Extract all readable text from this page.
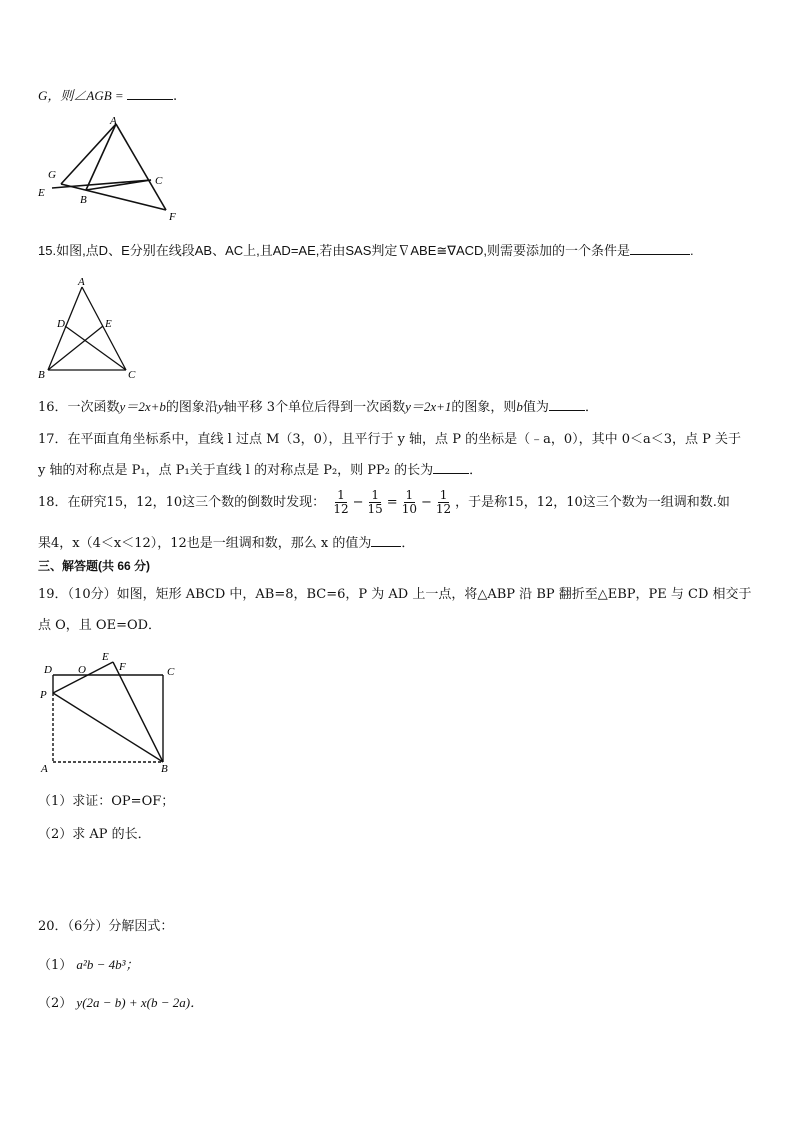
G，则∠AGB =	.
A
G
E
B
C
F
15.如图,点D、E分别在线段AB、AC上,且AD=AE,若由SAS判定∇ABE≅∇ACD,则需要添加的一个条件是	.
A
D	E
B	C
16．一次函数y＝2x+b的图象沿y轴平移 3个单位后得到一次函数y＝2x+1的图象，则b值为	．
17．在平面直角坐标系中，直线 l 过点 M（3，0），且平行于 y 轴，点 P 的坐标是（﹣a，0），其中 0＜a＜3，点 P 关于
y 轴的对称点是 P₁，点 P₁关于直线 l 的对称点是 P₂，则 PP₂ 的长为	．
18．在研究15，12，10这三个数的倒数时发现： $\frac{1}{12} - \frac{1}{15} = \frac{1}{10} - \frac{1}{12}$ ，于是称15，12，10这三个数为一组调和数.如
果4，x（4＜x＜12），12也是一组调和数，那么 x 的值为 ．
三、解答题(共 66 分)
19．（10分）如图，矩形 ABCD 中，AB=8，BC=6，P 为 AD 上一点，将△ABP 沿 BP 翻折至△EBP，PE 与 CD 相交于
点 O，且 OE=OD．
D O
E
F	C
P
A	B
（1）求证：OP=OF；
（2）求 AP 的长．
20．（6分）分解因式：
（1） a²b − 4b³；
（2） y(2a − b) + x(b − 2a)．
